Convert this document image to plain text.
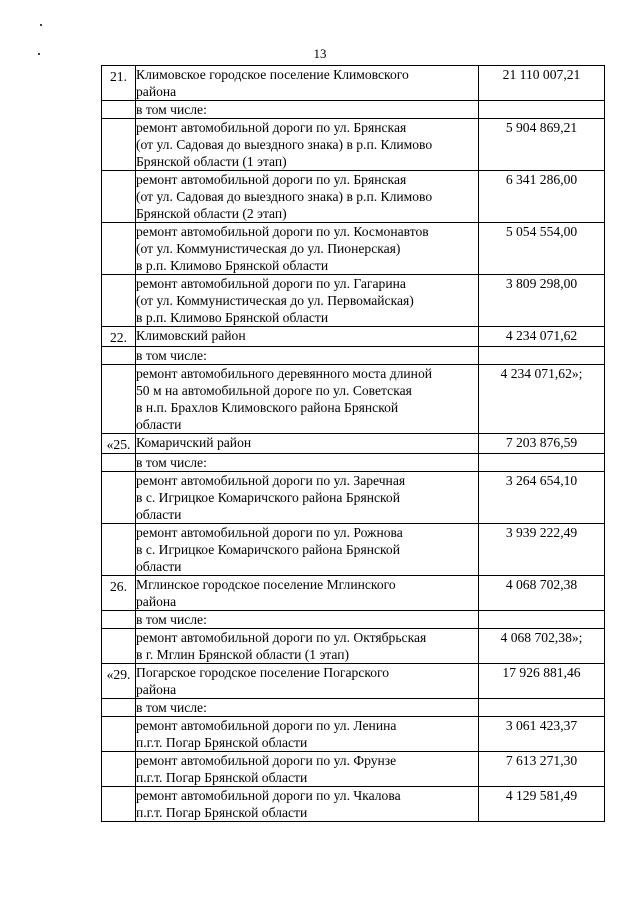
13
21.	Климовское городское поселение Климовского
района	21 110 007,21

	в том числе:	

	ремонт автомобильной дороги по ул. Брянская
(от ул. Садовая до выездного знака) в р.п. Климово
Брянской области (1 этап)	5 904 869,21

	ремонт автомобильной дороги по ул. Брянская
(от ул. Садовая до выездного знака) в р.п. Климово
Брянской области (2 этап)	6 341 286,00

	ремонт автомобильной дороги по ул. Космонавтов
(от ул. Коммунистическая до ул. Пионерская)
в р.п. Климово Брянской области	5 054 554,00

	ремонт автомобильной дороги по ул. Гагарина
(от ул. Коммунистическая до ул. Первомайская)
в р.п. Климово Брянской области	3 809 298,00
22.	Климовский район	4 234 071,62

	в том числе:	

	ремонт автомобильного деревянного моста длиной
50 м на автомобильной дороге по ул. Советская
в н.п. Брахлов Климовского района Брянской
области	4 234 071,62»;
«25.	Комаричский район	7 203 876,59

	в том числе:	

	ремонт автомобильной дороги по ул. Заречная
в с. Игрицкое Комаричского района Брянской
области	3 264 654,10

	ремонт автомобильной дороги по ул. Рожнова
в с. Игрицкое Комаричского района Брянской
области	3 939 222,49
26.	Мглинское городское поселение Мглинского
района	4 068 702,38

	в том числе:	

	ремонт автомобильной дороги по ул. Октябрьская
в г. Мглин Брянской области (1 этап)	4 068 702,38»;
«29.	Погарское городское поселение Погарского
района	17 926 881,46

	в том числе:	

	ремонт автомобильной дороги по ул. Ленина
п.г.т. Погар Брянской области	3 061 423,37

	ремонт автомобильной дороги по ул. Фрунзе
п.г.т. Погар Брянской области	7 613 271,30

	ремонт автомобильной дороги по ул. Чкалова
п.г.т. Погар Брянской области	4 129 581,49
